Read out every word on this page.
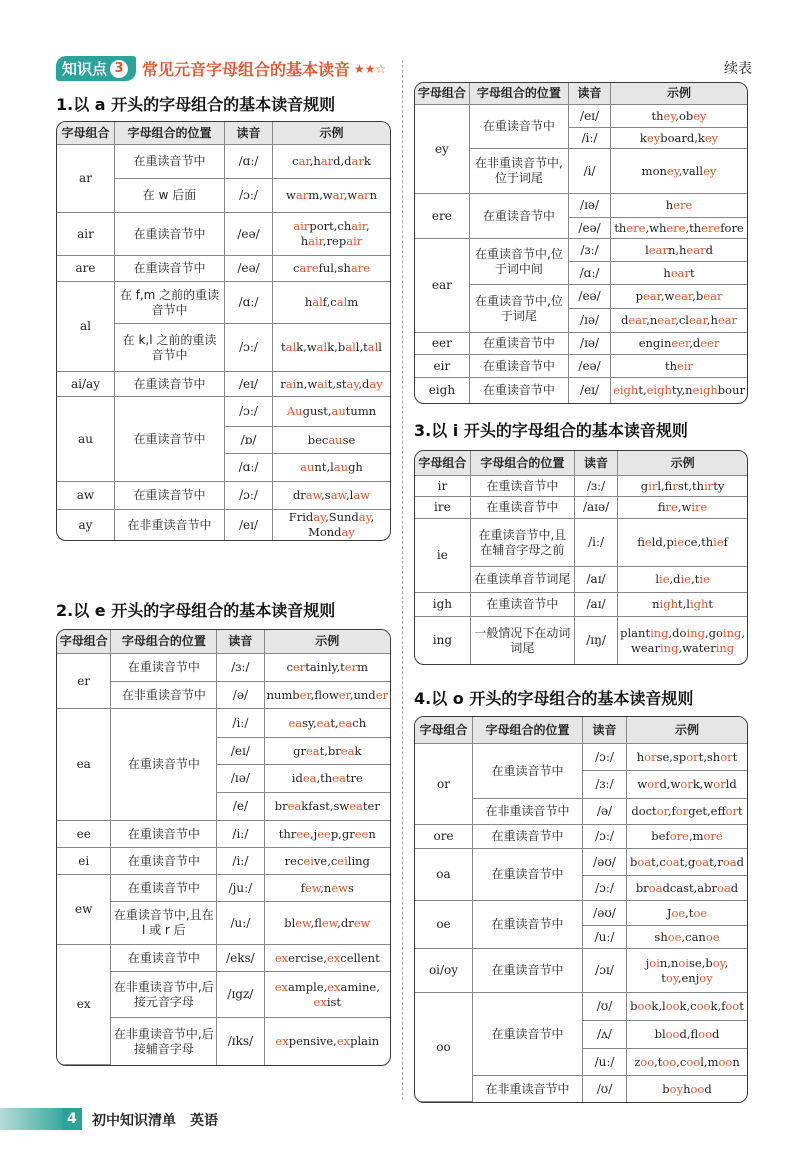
知识点 3 常见元音字母组合的基本读音 ★★☆	续表
1.以 a 开头的字母组合的基本读音规则
字母组合	字母组合的位置	读音	示例
ar	在重读音节中	/ɑː/	car,hard,dark
	在 w 后面	/ɔː/	warm,war,warn
air	在重读音节中	/eə/	airport,chair,
hair,repair
are	在重读音节中	/eə/	careful,share
al	在 f,m 之前的重读音节中	/ɑː/	half,calm
	在 k,l 之前的重读音节中	/ɔː/	talk,walk,ball,tall
ai/ay	在重读音节中	/eɪ/	rain,wait,stay,day
au	在重读音节中	/ɔː/	August,autumn
		/ɒ/	because
		/ɑː/	aunt,laugh
aw	在重读音节中	/ɔː/	draw,saw,law
ay	在非重读音节中	/eɪ/	Friday,Sunday,
Monday
2.以 e 开头的字母组合的基本读音规则
字母组合	字母组合的位置	读音	示例
er	在重读音节中	/ɜː/	certainly,term
	在非重读音节中	/ə/	number,flower,under
ea	在重读音节中	/iː/	easy,eat,each
		/eɪ/	great,break
		/ɪə/	idea,theatre
		/e/	breakfast,sweater
ee	在重读音节中	/iː/	three,jeep,green
ei	在重读音节中	/iː/	receive,ceiling
ew	在重读音节中	/juː/	few,news
	在重读音节中,且在 l 或 r 后	/uː/	blew,flew,drew
ex	在重读音节中	/eks/	exercise,excellent
	在非重读音节中,后接元音字母	/ɪgz/	example,examine,
exist
	在非重读音节中,后接辅音字母	/ɪks/	expensive,explain
字母组合	字母组合的位置	读音	示例
ey	在重读音节中	/eɪ/	they,obey
		/iː/	keyboard,key
	在非重读音节中,位于词尾	/i/	money,valley
ere	在重读音节中	/ɪə/	here
		/eə/	there,where,therefore
ear	在重读音节中,位于词中间	/ɜː/	learn,heard
		/ɑː/	heart
	在重读音节中,位于词尾	/eə/	pear,wear,bear
		/ɪə/	dear,near,clear,hear
eer	在重读音节中	/ɪə/	engineer,deer
eir	在重读音节中	/eə/	their
eigh	在重读音节中	/eɪ/	eight,eighty,neighbour
3.以 i 开头的字母组合的基本读音规则
字母组合	字母组合的位置	读音	示例
ir	在重读音节中	/ɜː/	girl,first,thirty
ire	在重读音节中	/aɪə/	fire,wire
ie	在重读音节中,且在辅音字母之前	/iː/	field,piece,thief
	在重读单音节词尾	/aɪ/	lie,die,tie
igh	在重读音节中	/aɪ/	night,light
ing	一般情况下在动词词尾	/ɪŋ/	planting,doing,going,
wearing,watering
4.以 o 开头的字母组合的基本读音规则
字母组合	字母组合的位置	读音	示例
or	在重读音节中	/ɔː/	horse,sport,short
		/ɜː/	word,work,world
	在非重读音节中	/ə/	doctor,forget,effort
ore	在重读音节中	/ɔː/	before,more
oa	在重读音节中	/əʊ/	boat,coat,goat,road
		/ɔː/	broadcast,abroad
oe	在重读音节中	/əʊ/	Joe,toe
		/uː/	shoe,canoe
oi/oy	在重读音节中	/ɔɪ/	join,noise,boy,
toy,enjoy
oo	在重读音节中	/ʊ/	book,look,cook,foot
		/ʌ/	blood,flood
		/uː/	zoo,too,cool,moon
	在非重读音节中	/ʊ/	boyhood
4	初中知识清单　英语
